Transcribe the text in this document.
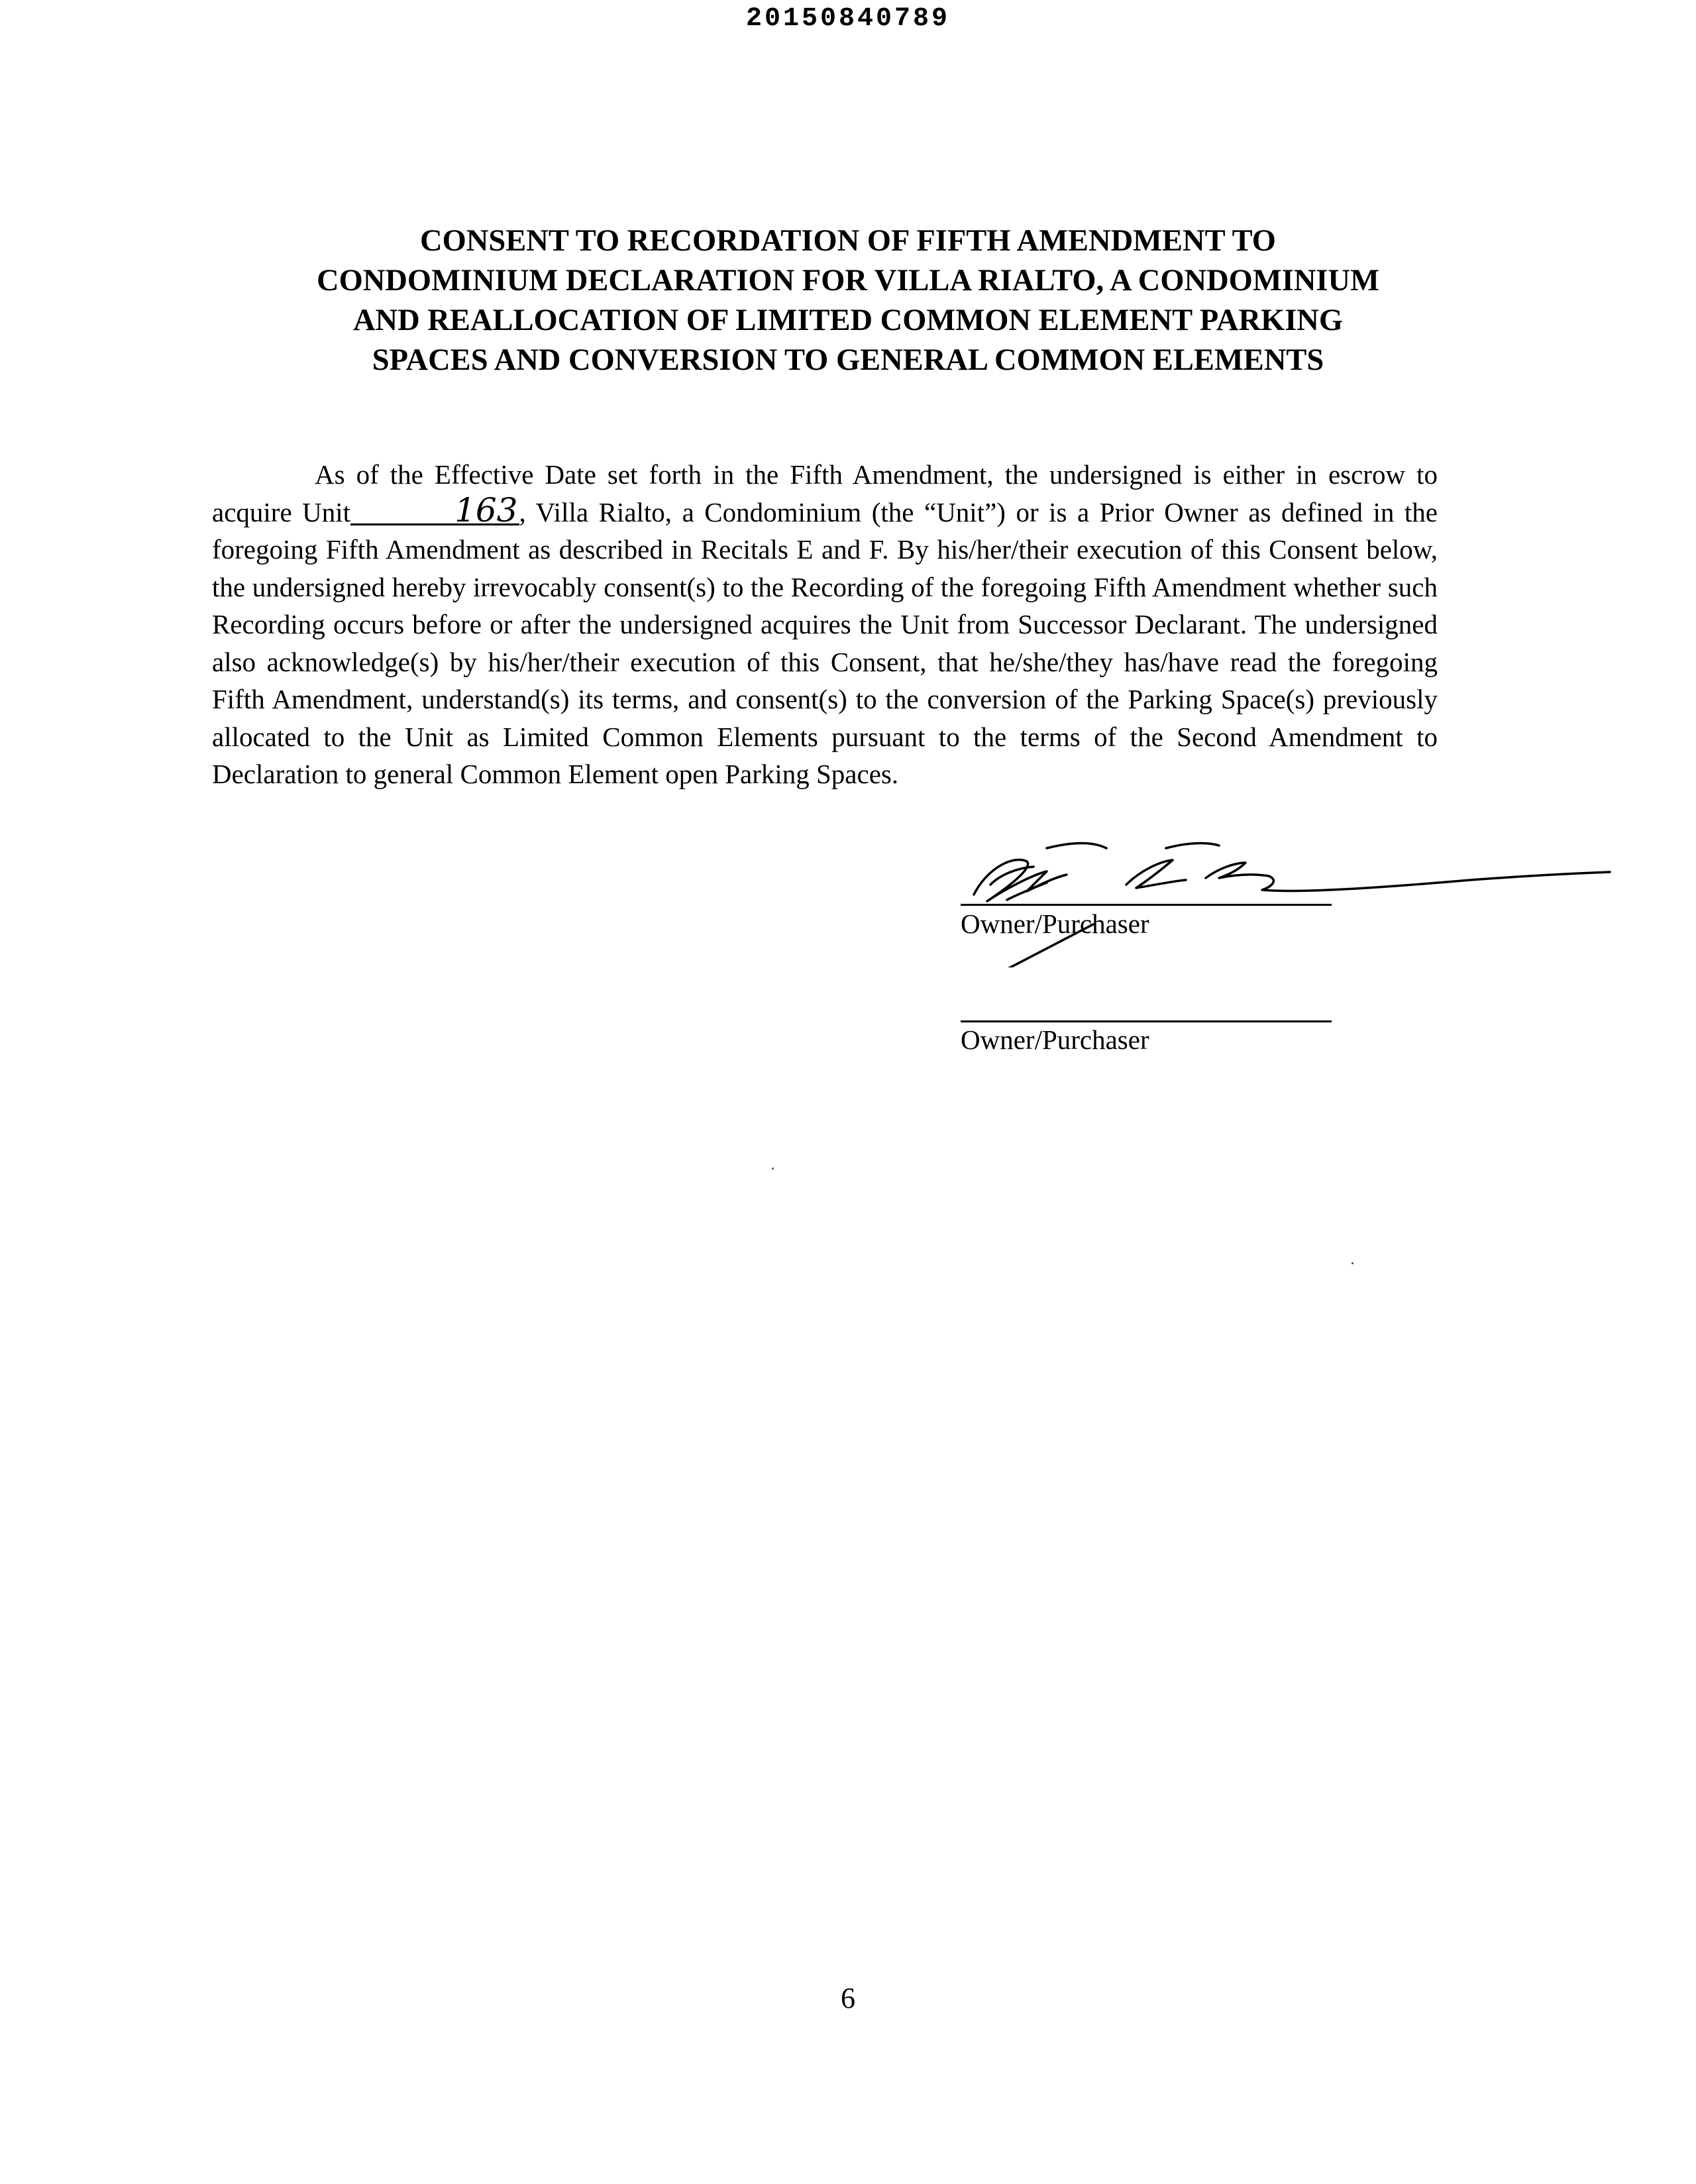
20150840789
CONSENT TO RECORDATION OF FIFTH AMENDMENT TO
CONDOMINIUM DECLARATION FOR VILLA RIALTO, A CONDOMINIUM
AND REALLOCATION OF LIMITED COMMON ELEMENT PARKING
SPACES AND CONVERSION TO GENERAL COMMON ELEMENTS

As of the Effective Date set forth in the Fifth Amendment, the undersigned is either in escrow to acquire Unit	163, Villa Rialto, a Condominium (the “Unit”) or is a Prior Owner as defined in the foregoing Fifth Amendment as described in Recitals E and F. By his/her/their execution of this Consent below, the undersigned hereby irrevocably consent(s) to the Recording of the foregoing Fifth Amendment whether such Recording occurs before or after the undersigned acquires the Unit from Successor Declarant. The undersigned also acknowledge(s) by his/her/their execution of this Consent, that he/she/they has/have read the foregoing Fifth Amendment, understand(s) its terms, and consent(s) to the conversion of the Parking Space(s) previously allocated to the Unit as Limited Common Elements pursuant to the terms of the Second Amendment to Declaration to general Common Element open Parking Spaces.

Owner/Purchaser
Owner/Purchaser
6
